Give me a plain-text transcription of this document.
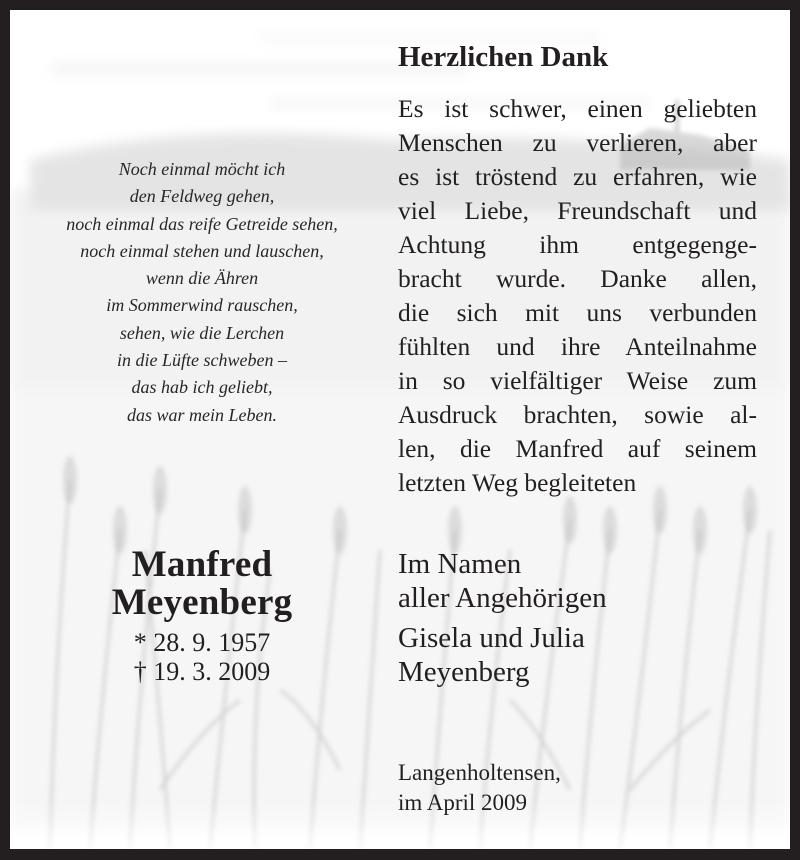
Noch einmal möcht ich
den Feldweg gehen,
noch einmal das reife Getreide sehen,
noch einmal stehen und lauschen,
wenn die Ähren
im Sommerwind rauschen,
sehen, wie die Lerchen
in die Lüfte schweben –
das hab ich geliebt,
das war mein Leben.
Manfred
Meyenberg
* 28. 9. 1957
† 19. 3. 2009
Herzlichen Dank
Es ist schwer, einen geliebten
Menschen zu verlieren, aber
es ist tröstend zu erfahren, wie
viel Liebe, Freundschaft und
Achtung ihm entgegenge-
bracht wurde. Danke allen,
die sich mit uns verbunden
fühlten und ihre Anteilnahme
in so vielfältiger Weise zum
Ausdruck brachten, sowie al-
len, die Manfred auf seinem
letzten Weg begleiteten
Im Namen
aller Angehörigen
Gisela und Julia
Meyenberg
Langenholtensen,
im April 2009
